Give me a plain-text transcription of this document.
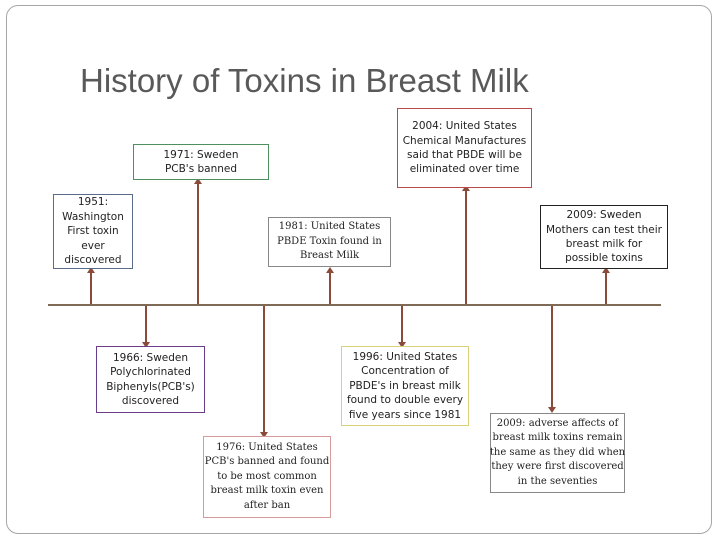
History of Toxins in Breast Milk
1951:
Washington
First toxin
ever
discovered
1971: Sweden
PCB's banned
1981: United States
PBDE Toxin found in
Breast Milk
2004: United States
Chemical Manufactures
said that PBDE will be
eliminated over time
2009: Sweden
Mothers can test their
breast milk for
possible toxins
1966: Sweden
Polychlorinated
Biphenyls(PCB's)
discovered
1976: United States
PCB's banned and found
to be most common
breast milk toxin even
after ban
1996: United States
Concentration of
PBDE's in breast milk
found to double every
five years since 1981
2009: adverse affects of
breast milk toxins remain
the same as they did when
they were first discovered
in the seventies
